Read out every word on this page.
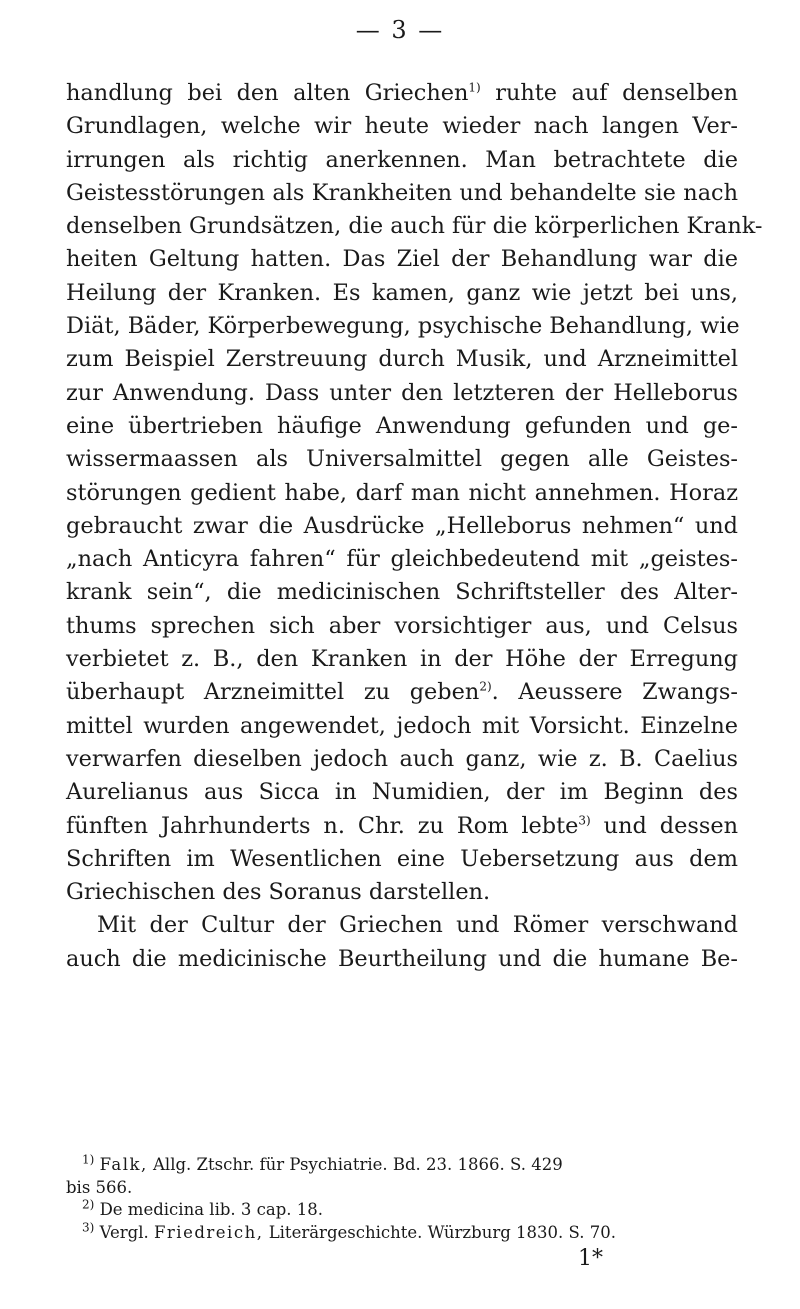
— 3 —
handlung bei den alten Griechen$^{1)}$ ruhte auf denselben
Grundlagen, welche wir heute wieder nach langen Ver-
irrungen als richtig anerkennen. Man betrachtete die
Geistesstörungen als Krankheiten und behandelte sie nach
denselben Grundsätzen, die auch für die körperlichen Krank-
heiten Geltung hatten. Das Ziel der Behandlung war die
Heilung der Kranken. Es kamen, ganz wie jetzt bei uns,
Diät, Bäder, Körperbewegung, psychische Behandlung, wie
zum Beispiel Zerstreuung durch Musik, und Arzneimittel
zur Anwendung. Dass unter den letzteren der Helleborus
eine übertrieben häufige Anwendung gefunden und ge-
wissermaassen als Universalmittel gegen alle Geistes-
störungen gedient habe, darf man nicht annehmen. Horaz
gebraucht zwar die Ausdrücke „Helleborus nehmen“ und
„nach Anticyra fahren“ für gleichbedeutend mit „geistes-
krank sein“, die medicinischen Schriftsteller des Alter-
thums sprechen sich aber vorsichtiger aus, und Celsus
verbietet z. B., den Kranken in der Höhe der Erregung
überhaupt Arzneimittel zu geben$^{2)}$. Aeussere Zwangs-
mittel wurden angewendet, jedoch mit Vorsicht. Einzelne
verwarfen dieselben jedoch auch ganz, wie z. B. Caelius
Aurelianus aus Sicca in Numidien, der im Beginn des
fünften Jahrhunderts n. Chr. zu Rom lebte$^{3)}$ und dessen
Schriften im Wesentlichen eine Uebersetzung aus dem
Griechischen des Soranus darstellen.
Mit der Cultur der Griechen und Römer verschwand
auch die medicinische Beurtheilung und die humane Be-
$^{1)}$ Falk, Allg. Ztschr. für Psychiatrie. Bd. 23. 1866. S. 429
bis 566.
$^{2)}$ De medicina lib. 3 cap. 18.
$^{3)}$ Vergl. Friedreich, Literärgeschichte. Würzburg 1830. S. 70.
1*
